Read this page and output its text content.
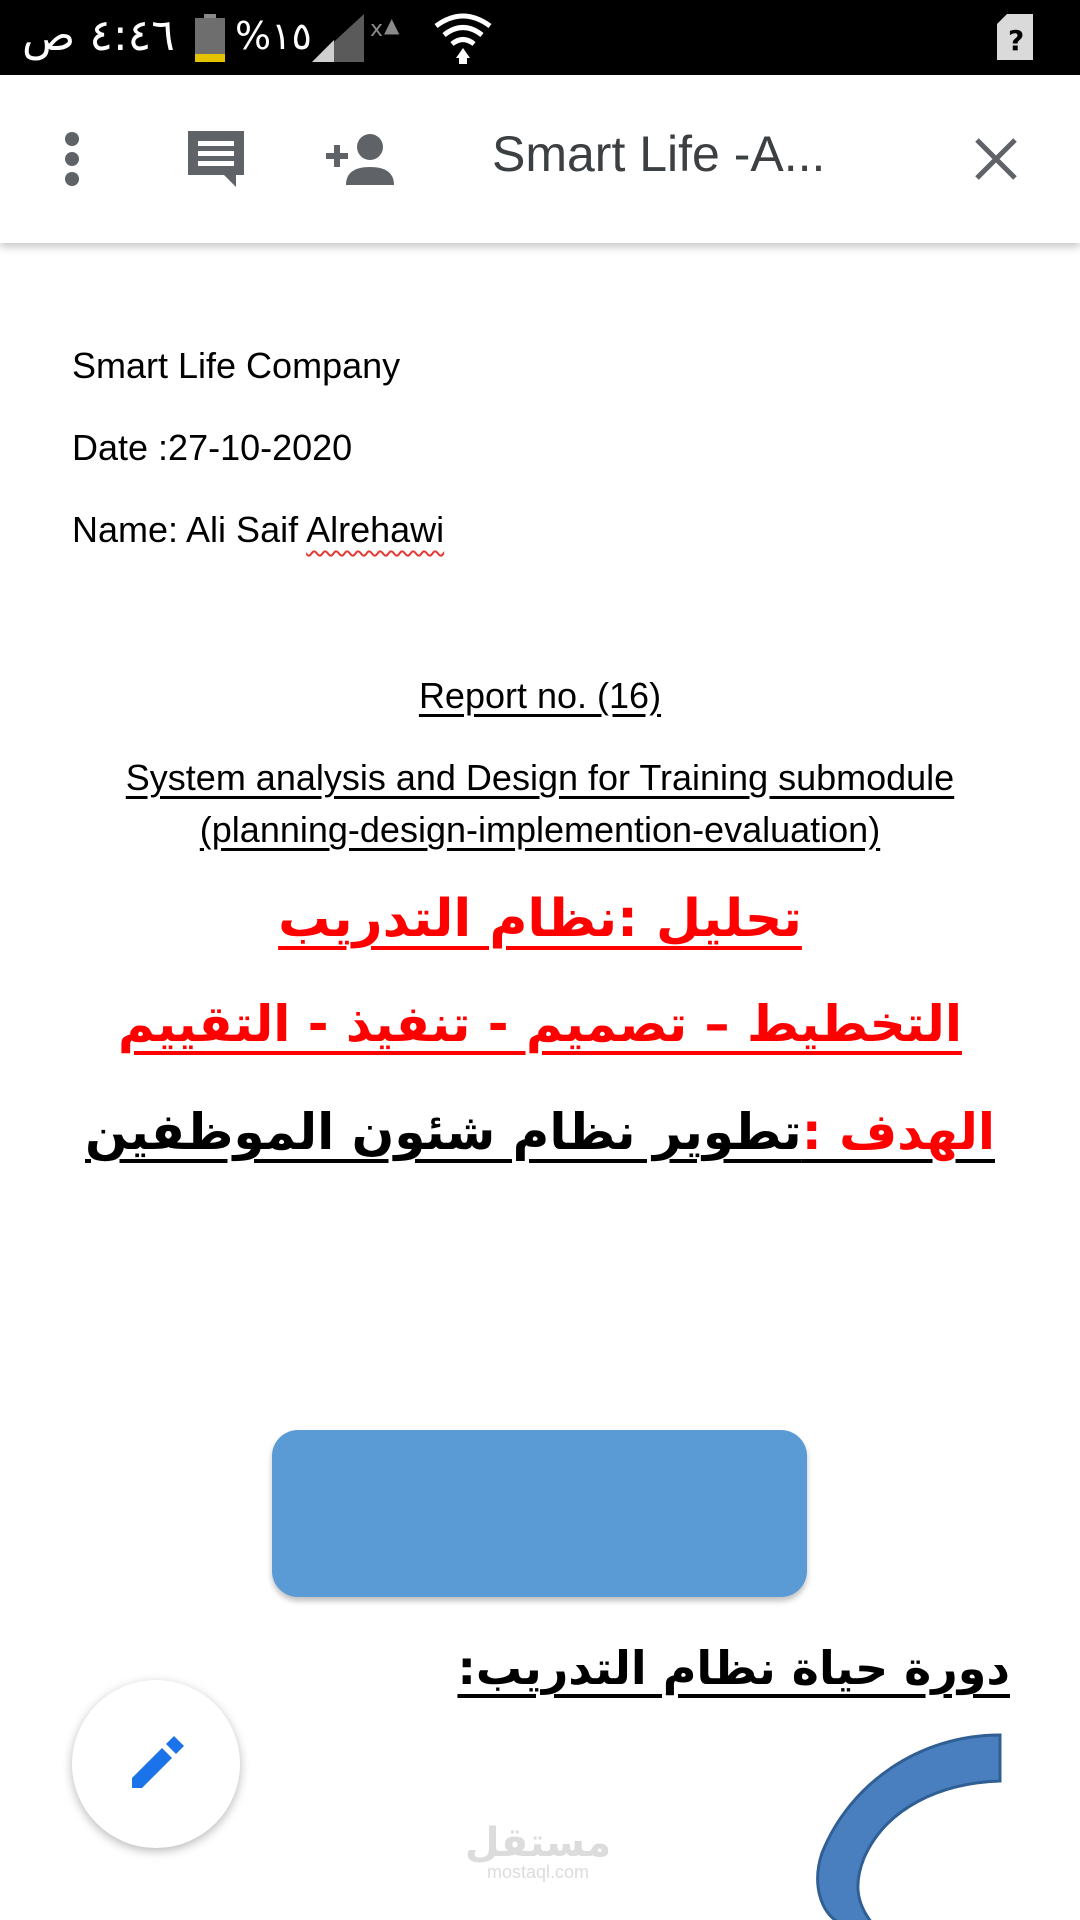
٤:٤٦ ص %١٥	x ▲	?
Smart Life -A...
Smart Life Company
Date :27-10-2020
Name: Ali Saif Alrehawi
Report no. (16)
System analysis and Design for Training submodule
(planning-design-implemention-evaluation)
تحليل :نظام التدريب
التخطيط – تصميم - تنفيذ - التقييم
الهدف :تطوير نظام شئون الموظفين
دورة حياة نظام التدريب:
مستقل
mostaql.com
